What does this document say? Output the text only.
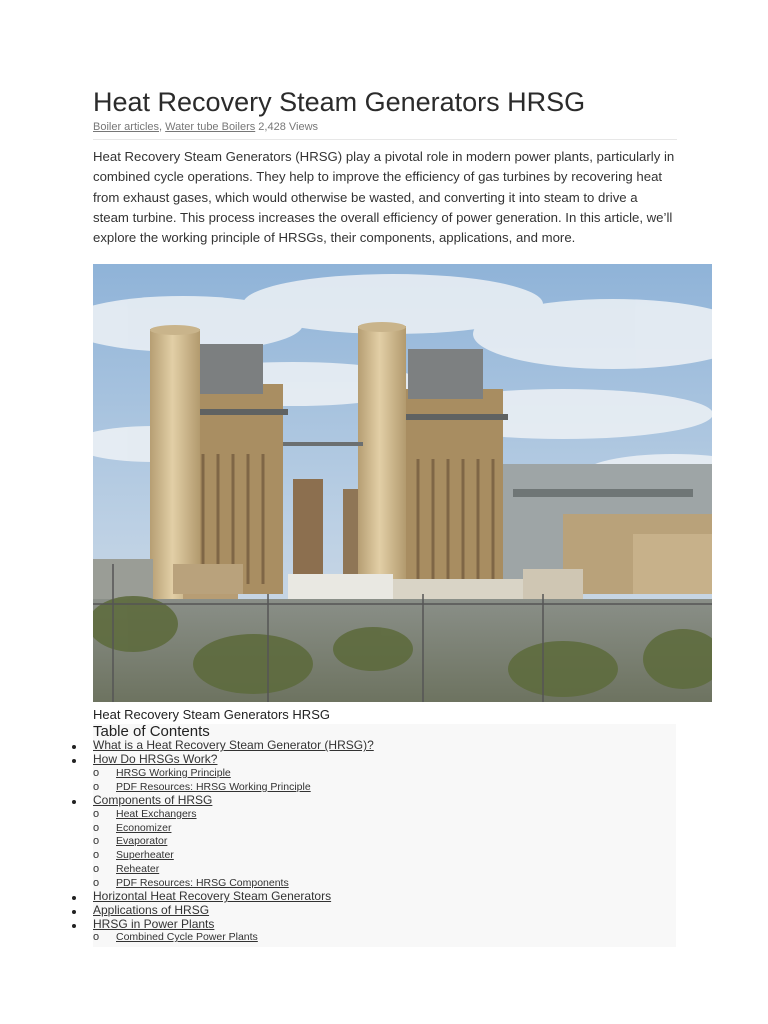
Heat Recovery Steam Generators HRSG
Boiler articles, Water tube Boilers 2,428 Views

Heat Recovery Steam Generators (HRSG) play a pivotal role in modern power plants, particularly in combined cycle operations. They help to improve the efficiency of gas turbines by recovering heat from exhaust gases, which would otherwise be wasted, and converting it into steam to drive a steam turbine. This process increases the overall efficiency of power generation. In this article, we’ll explore the working principle of HRSGs, their components, applications, and more.

Heat Recovery Steam Generators HRSG
Table of Contents
What is a Heat Recovery Steam Generator (HRSG)?
How Do HRSGs Work?
o HRSG Working Principle
o PDF Resources: HRSG Working Principle
Components of HRSG
o Heat Exchangers
o Economizer
o Evaporator
o Superheater
o Reheater
o PDF Resources: HRSG Components
Horizontal Heat Recovery Steam Generators
Applications of HRSG
HRSG in Power Plants
o Combined Cycle Power Plants
